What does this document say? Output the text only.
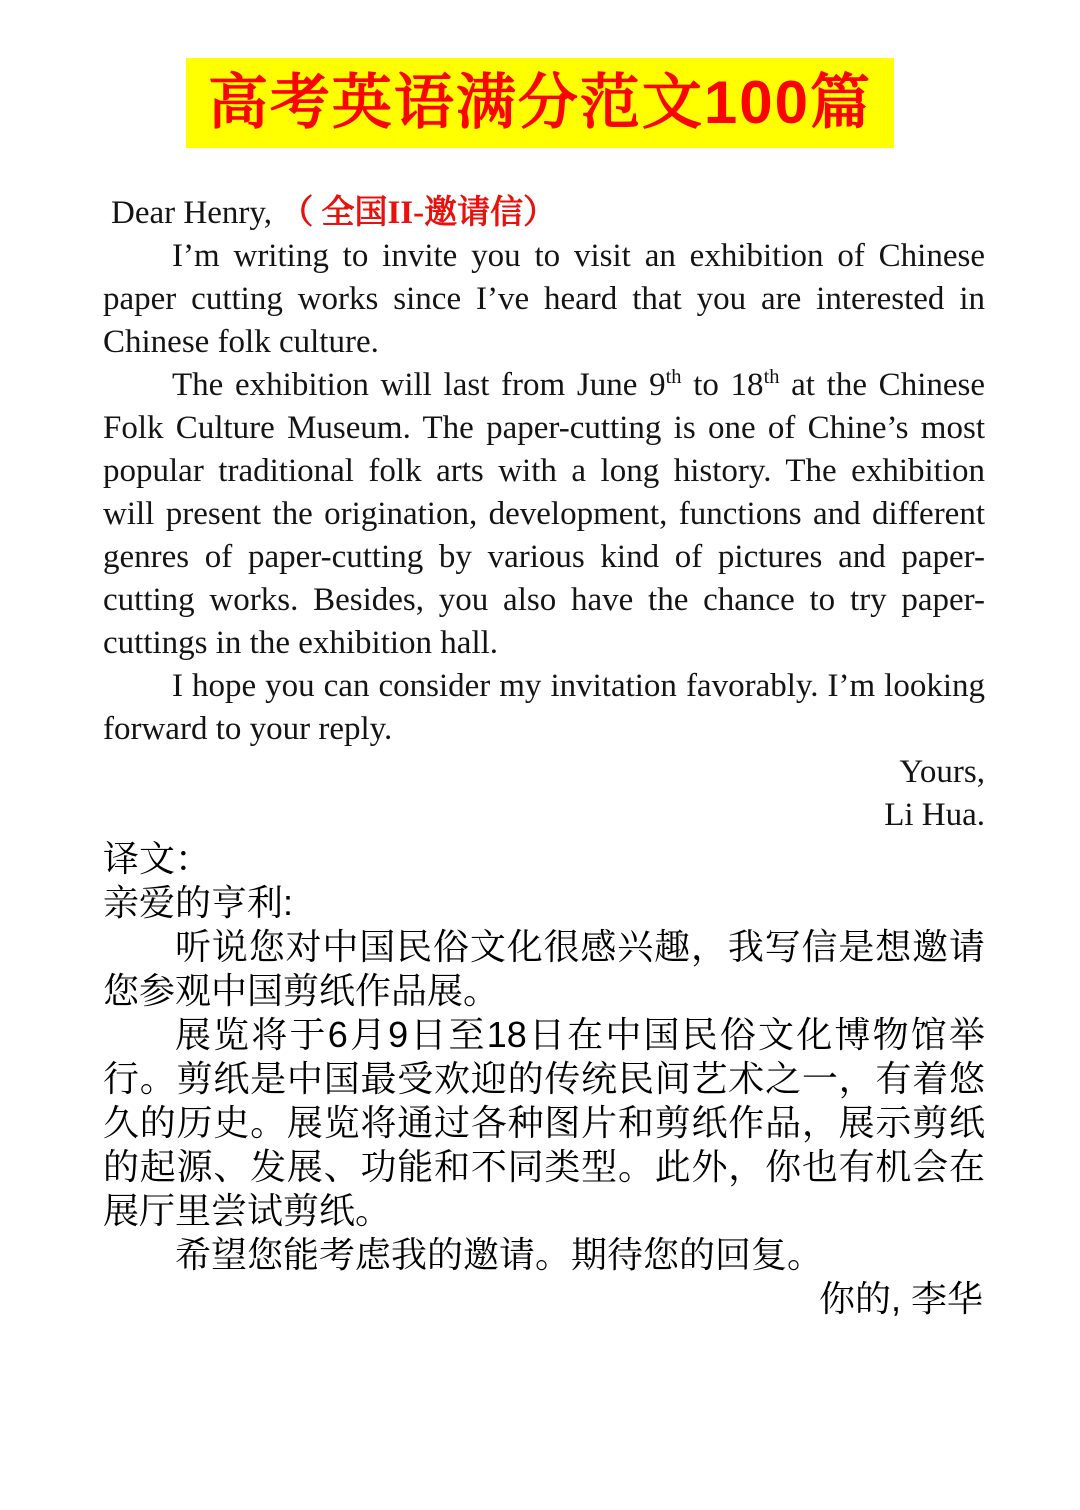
高考英语满分范文100篇
Dear Henry, （ 全国II-邀请信）

I’m writing to invite you to visit an exhibition of Chinese paper cutting works since I’ve heard that you are interested in Chinese folk culture.

The exhibition will last from June 9th to 18th at the Chinese Folk Culture Museum. The paper-cutting is one of Chine’s most popular traditional folk arts with a long history. The exhibition will present the origination, development, functions and different genres of paper-cutting by various kind of pictures and paper-cutting works. Besides, you also have the chance to try paper-cuttings in the exhibition hall.

I hope you can consider my invitation favorably. I’m looking forward to your reply.

Yours,
Li Hua.
译文：
亲爱的亨利:

听说您对中国民俗文化很感兴趣，我写信是想邀请您参观中国剪纸作品展。

展览将于6月9日至18日在中国民俗文化博物馆举行。剪纸是中国最受欢迎的传统民间艺术之一，有着悠久的历史。展览将通过各种图片和剪纸作品，展示剪纸的起源、发展、功能和不同类型。此外，你也有机会在展厅里尝试剪纸。

希望您能考虑我的邀请。期待您的回复。

你的, 李华
